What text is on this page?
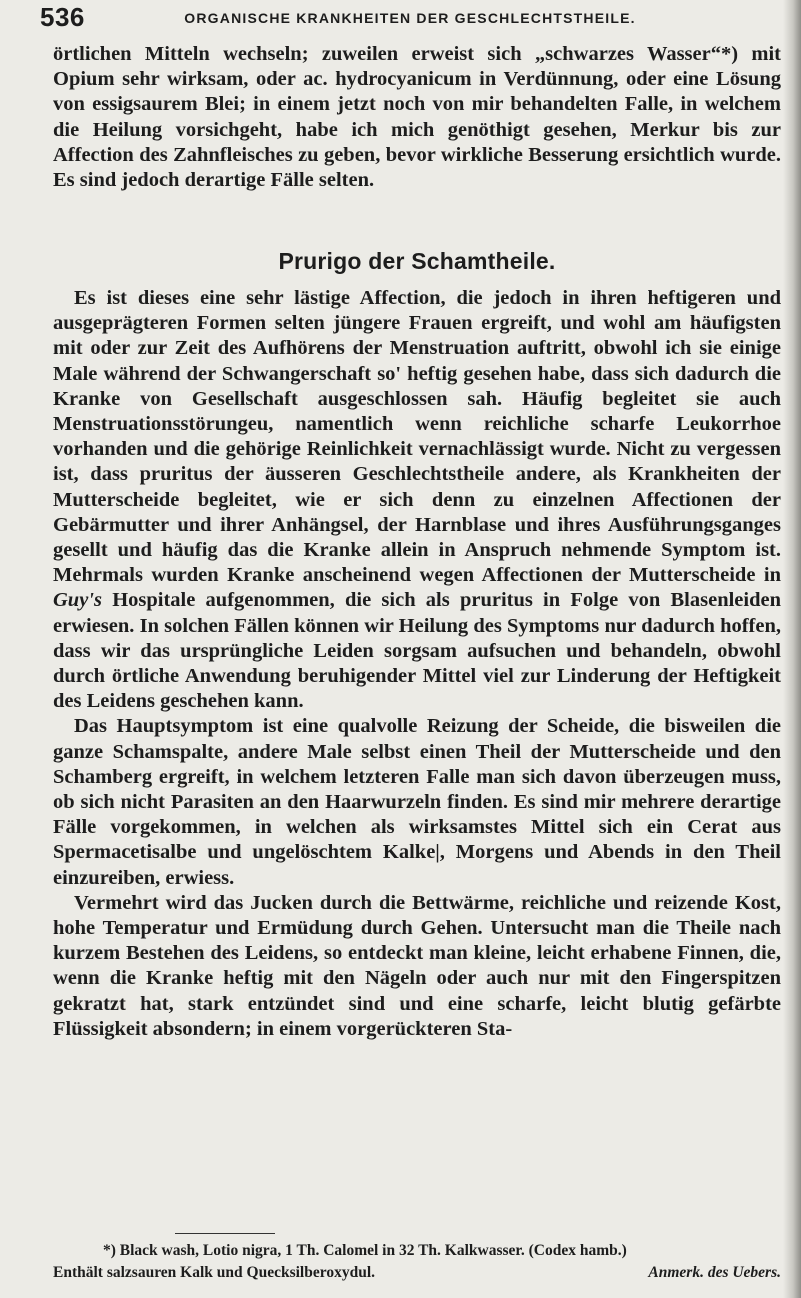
536	ORGANISCHE KRANKHEITEN DER GESCHLECHTSTHEILE.

örtlichen Mitteln wechseln; zuweilen erweist sich „schwarzes Wasser“*) mit Opium sehr wirksam, oder ac. hydrocyanicum in Verdünnung, oder eine Lösung von essigsaurem Blei; in einem jetzt noch von mir behandelten Falle, in welchem die Heilung vorsichgeht, habe ich mich genöthigt gesehen, Merkur bis zur Affection des Zahnfleisches zu geben, bevor wirkliche Besserung ersichtlich wurde. Es sind jedoch derartige Fälle selten.

Prurigo der Schamtheile.

Es ist dieses eine sehr lästige Affection, die jedoch in ihren heftigeren und ausgeprägteren Formen selten jüngere Frauen ergreift, und wohl am häufigsten mit oder zur Zeit des Aufhörens der Menstruation auftritt, obwohl ich sie einige Male während der Schwangerschaft so' heftig gesehen habe, dass sich dadurch die Kranke von Gesellschaft ausgeschlossen sah. Häufig begleitet sie auch Menstruationsstörungeu, namentlich wenn reichliche scharfe Leukorrhoe vorhanden und die gehörige Reinlichkeit vernachlässigt wurde. Nicht zu vergessen ist, dass pruritus der äusseren Geschlechtstheile andere, als Krankheiten der Mutterscheide begleitet, wie er sich denn zu einzelnen Affectionen der Gebärmutter und ihrer Anhängsel, der Harnblase und ihres Ausführungsganges gesellt und häufig das die Kranke allein in Anspruch nehmende Symptom ist. Mehrmals wurden Kranke anscheinend wegen Affectionen der Mutterscheide in Guy's Hospitale aufgenommen, die sich als pruritus in Folge von Blasenleiden erwiesen. In solchen Fällen können wir Heilung des Symptoms nur dadurch hoffen, dass wir das ursprüngliche Leiden sorgsam aufsuchen und behandeln, obwohl durch örtliche Anwendung beruhigender Mittel viel zur Linderung der Heftigkeit des Leidens geschehen kann.

Das Hauptsymptom ist eine qualvolle Reizung der Scheide, die bisweilen die ganze Schamspalte, andere Male selbst einen Theil der Mutterscheide und den Schamberg ergreift, in welchem letzteren Falle man sich davon überzeugen muss, ob sich nicht Parasiten an den Haarwurzeln finden. Es sind mir mehrere derartige Fälle vorgekommen, in welchen als wirksamstes Mittel sich ein Cerat aus Spermacetisalbe und ungelöschtem Kalke|, Morgens und Abends in den Theil einzureiben, erwiess.

Vermehrt wird das Jucken durch die Bettwärme, reichliche und reizende Kost, hohe Temperatur und Ermüdung durch Gehen. Untersucht man die Theile nach kurzem Bestehen des Leidens, so entdeckt man kleine, leicht erhabene Finnen, die, wenn die Kranke heftig mit den Nägeln oder auch nur mit den Fingerspitzen gekratzt hat, stark entzündet sind und eine scharfe, leicht blutig gefärbte Flüssigkeit absondern; in einem vorgerückteren Sta-

*) Black wash, Lotio nigra, 1 Th. Calomel in 32 Th. Kalkwasser. (Codex hamb.)

Enthält salzsauren Kalk und Quecksilberoxydul.	Anmerk. des Uebers.
